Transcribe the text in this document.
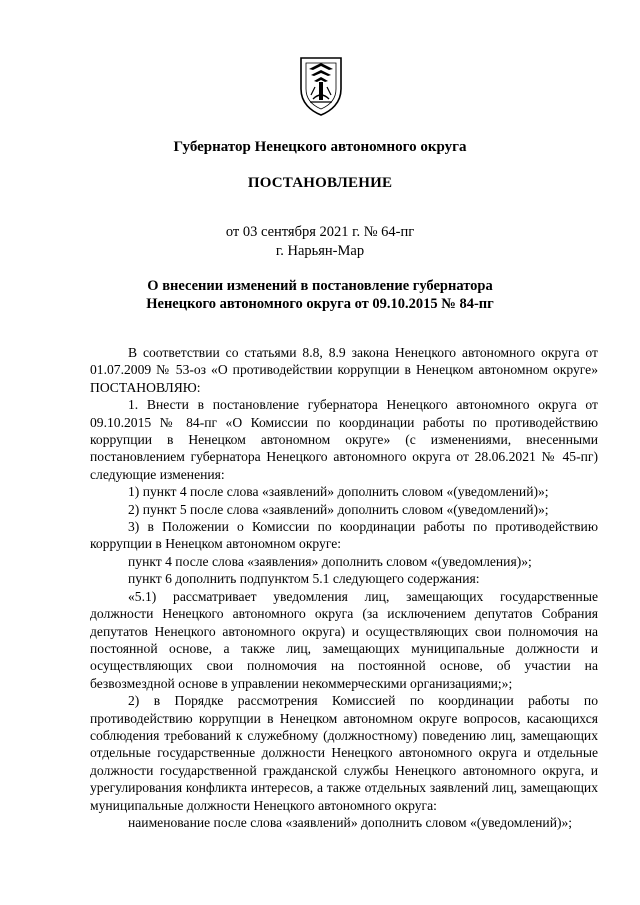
Губернатор Ненецкого автономного округа
ПОСТАНОВЛЕНИЕ
от 03 сентября 2021 г. № 64-пг
г. Нарьян-Мар
О внесении изменений в постановление губернатора
Ненецкого автономного округа от 09.10.2015 № 84-пг

В соответствии со статьями 8.8, 8.9 закона Ненецкого автономного округа от 01.07.2009 № 53-оз «О противодействии коррупции в Ненецком автономном округе» ПОСТАНОВЛЯЮ:

1. Внести в постановление губернатора Ненецкого автономного округа от 09.10.2015 № 84-пг «О Комиссии по координации работы по противодействию коррупции в Ненецком автономном округе» (с изменениями, внесенными постановлением губернатора Ненецкого автономного округа от 28.06.2021 № 45-пг) следующие изменения:

1) пункт 4 после слова «заявлений» дополнить словом «(уведомлений)»;

2) пункт 5 после слова «заявлений» дополнить словом «(уведомлений)»;

3) в Положении о Комиссии по координации работы по противодействию коррупции в Ненецком автономном округе:

пункт 4 после слова «заявления» дополнить словом «(уведомления)»;

пункт 6 дополнить подпунктом 5.1 следующего содержания:

«5.1) рассматривает уведомления лиц, замещающих государственные должности Ненецкого автономного округа (за исключением депутатов Собрания депутатов Ненецкого автономного округа) и осуществляющих свои полномочия на постоянной основе, а также лиц, замещающих муниципальные должности и осуществляющих свои полномочия на постоянной основе, об участии на безвозмездной основе в управлении некоммерческими организациями;»;

2) в Порядке рассмотрения Комиссией по координации работы по противодействию коррупции в Ненецком автономном округе вопросов, касающихся соблюдения требований к служебному (должностному) поведению лиц, замещающих отдельные государственные должности Ненецкого автономного округа и отдельные должности государственной гражданской службы Ненецкого автономного округа, и урегулирования конфликта интересов, а также отдельных заявлений лиц, замещающих муниципальные должности Ненецкого автономного округа:

наименование после слова «заявлений» дополнить словом «(уведомлений)»;
